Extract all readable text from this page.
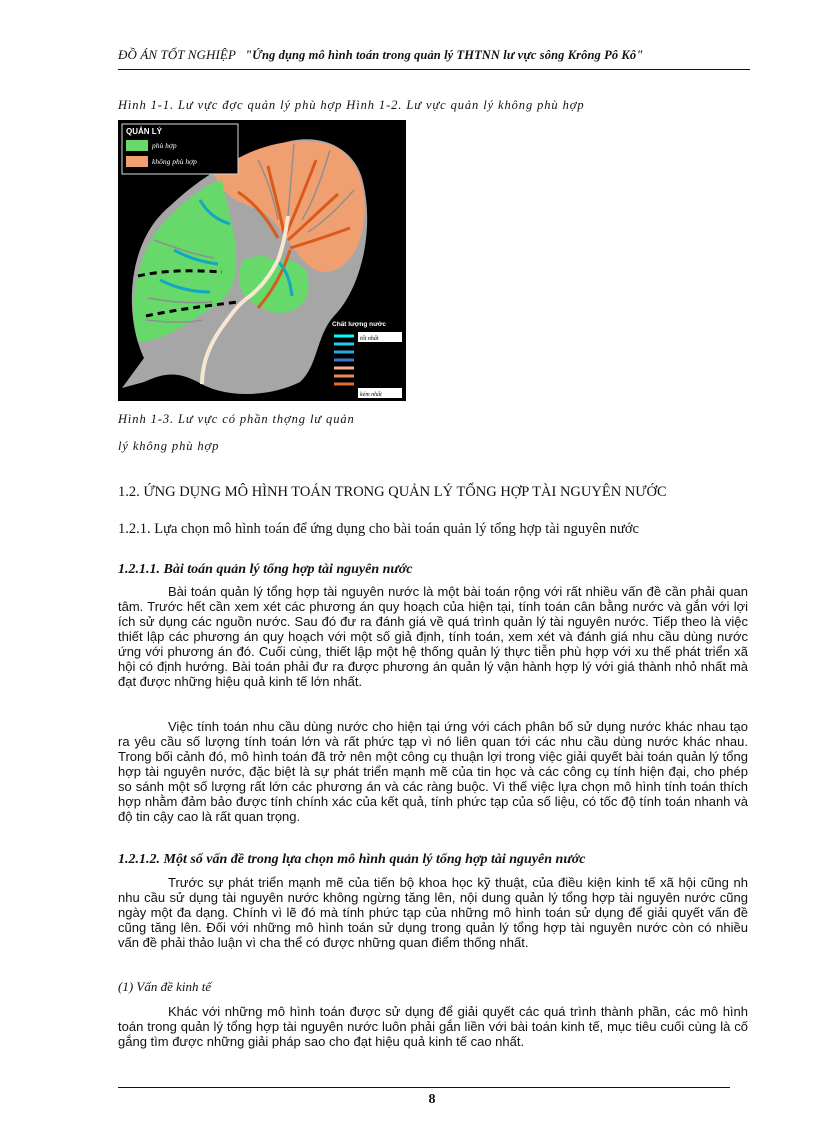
ĐỒ ÁN TỐT NGHIỆP "Ứng dụng mô hình toán trong quản lý THTNN lư vực sông Krông Pô Kô"
Hình 1-1. Lư vực đợc quản lý phù hợp Hình 1-2. Lư vực quản lý không phù hợp
QUẢN LÝ
phù hợp
không phù hợp
Chất lượng nước
tốt nhất
kém nhất
Hình 1-3. Lư vực có phần thợng lư quản
lý không phù hợp
1.2. ỨNG DỤNG MÔ HÌNH TOÁN TRONG QUẢN LÝ TỔNG HỢP TÀI NGUYÊN NƯỚC
1.2.1. Lựa chọn mô hình toán để ứng dụng cho bài toán quản lý tổng hợp tài nguyên nước
1.2.1.1. Bài toán quản lý tổng hợp tài nguyên nước
Bài toán quản lý tổng hợp tài nguyên nước là một bài toán rộng với rất nhiều vấn đề cần phải quan tâm. Trước hết cần xem xét các phương án quy hoạch của hiện tại, tính toán cân bằng nước và gắn với lợi ích sử dụng các nguồn nước. Sau đó đư ra đánh giá về quá trình quản lý tài nguyên nước. Tiếp theo là việc thiết lập các phương án quy hoạch với một số giả định, tính toán, xem xét và đánh giá nhu cầu dùng nước ứng với phương án đó. Cuối cùng, thiết lập một hệ thống quản lý thực tiễn phù hợp với xu thế phát triển xã hội có định hướng. Bài toán phải đư ra được phương án quản lý vận hành hợp lý với giá thành nhỏ nhất mà đạt được những hiệu quả kinh tế lớn nhất.
Việc tính toán nhu cầu dùng nước cho hiện tại ứng với cách phân bố sử dụng nước khác nhau tạo ra yêu cầu số lượng tính toán lớn và rất phức tạp vì nó liên quan tới các nhu cầu dùng nước khác nhau. Trong bối cảnh đó, mô hình toán đã trở nên một công cụ thuận lợi trong việc giải quyết bài toán quản lý tổng hợp tài nguyên nước, đặc biệt là sự phát triển mạnh mẽ của tin học và các công cụ tính hiện đại, cho phép so sánh một số lượng rất lớn các phương án và các ràng buộc. Vì thế việc lựa chọn mô hình tính toán thích hợp nhằm đảm bảo được tính chính xác của kết quả, tính phức tạp của số liệu, có tốc độ tính toán nhanh và độ tin cậy cao là rất quan trọng.
1.2.1.2. Một số vấn đề trong lựa chọn mô hình quản lý tổng hợp tài nguyên nước
Trước sự phát triển mạnh mẽ của tiến bộ khoa học kỹ thuật, của điều kiện kinh tế xã hội cũng nh nhu cầu sử dụng tài nguyên nước không ngừng tăng lên, nội dung quản lý tổng hợp tài nguyên nước cũng ngày một đa dạng. Chính vì lẽ đó mà tính phức tạp của những mô hình toán sử dụng để giải quyết vấn đề cũng tăng lên. Đối với những mô hình toán sử dụng trong quản lý tổng hợp tài nguyên nước còn có nhiều vấn đề phải thảo luận vì cha thể có được những quan điểm thống nhất.
(1) Vấn đề kinh tế
Khác với những mô hình toán được sử dụng để giải quyết các quá trình thành phần, các mô hình toán trong quản lý tổng hợp tài nguyên nước luôn phải gắn liền với bài toán kinh tế, mục tiêu cuối cùng là cố gắng tìm được những giải pháp sao cho đạt hiệu quả kinh tế cao nhất.
8
